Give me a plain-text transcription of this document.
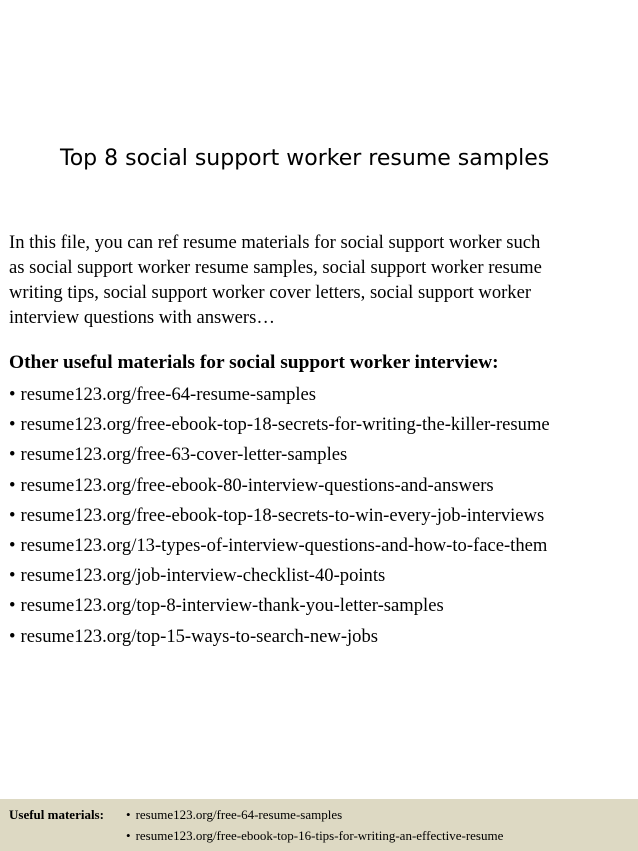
Top 8 social support worker resume samples
In this file, you can ref resume materials for social support worker such
as social support worker resume samples, social support worker resume
writing tips, social support worker cover letters, social support worker
interview questions with answers…
Other useful materials for social support worker interview:
• resume123.org/free-64-resume-samples
• resume123.org/free-ebook-top-18-secrets-for-writing-the-killer-resume
• resume123.org/free-63-cover-letter-samples
• resume123.org/free-ebook-80-interview-questions-and-answers
• resume123.org/free-ebook-top-18-secrets-to-win-every-job-interviews
• resume123.org/13-types-of-interview-questions-and-how-to-face-them
• resume123.org/job-interview-checklist-40-points
• resume123.org/top-8-interview-thank-you-letter-samples
• resume123.org/top-15-ways-to-search-new-jobs
Useful materials: • resume123.org/free-64-resume-samples
• resume123.org/free-ebook-top-16-tips-for-writing-an-effective-resume
